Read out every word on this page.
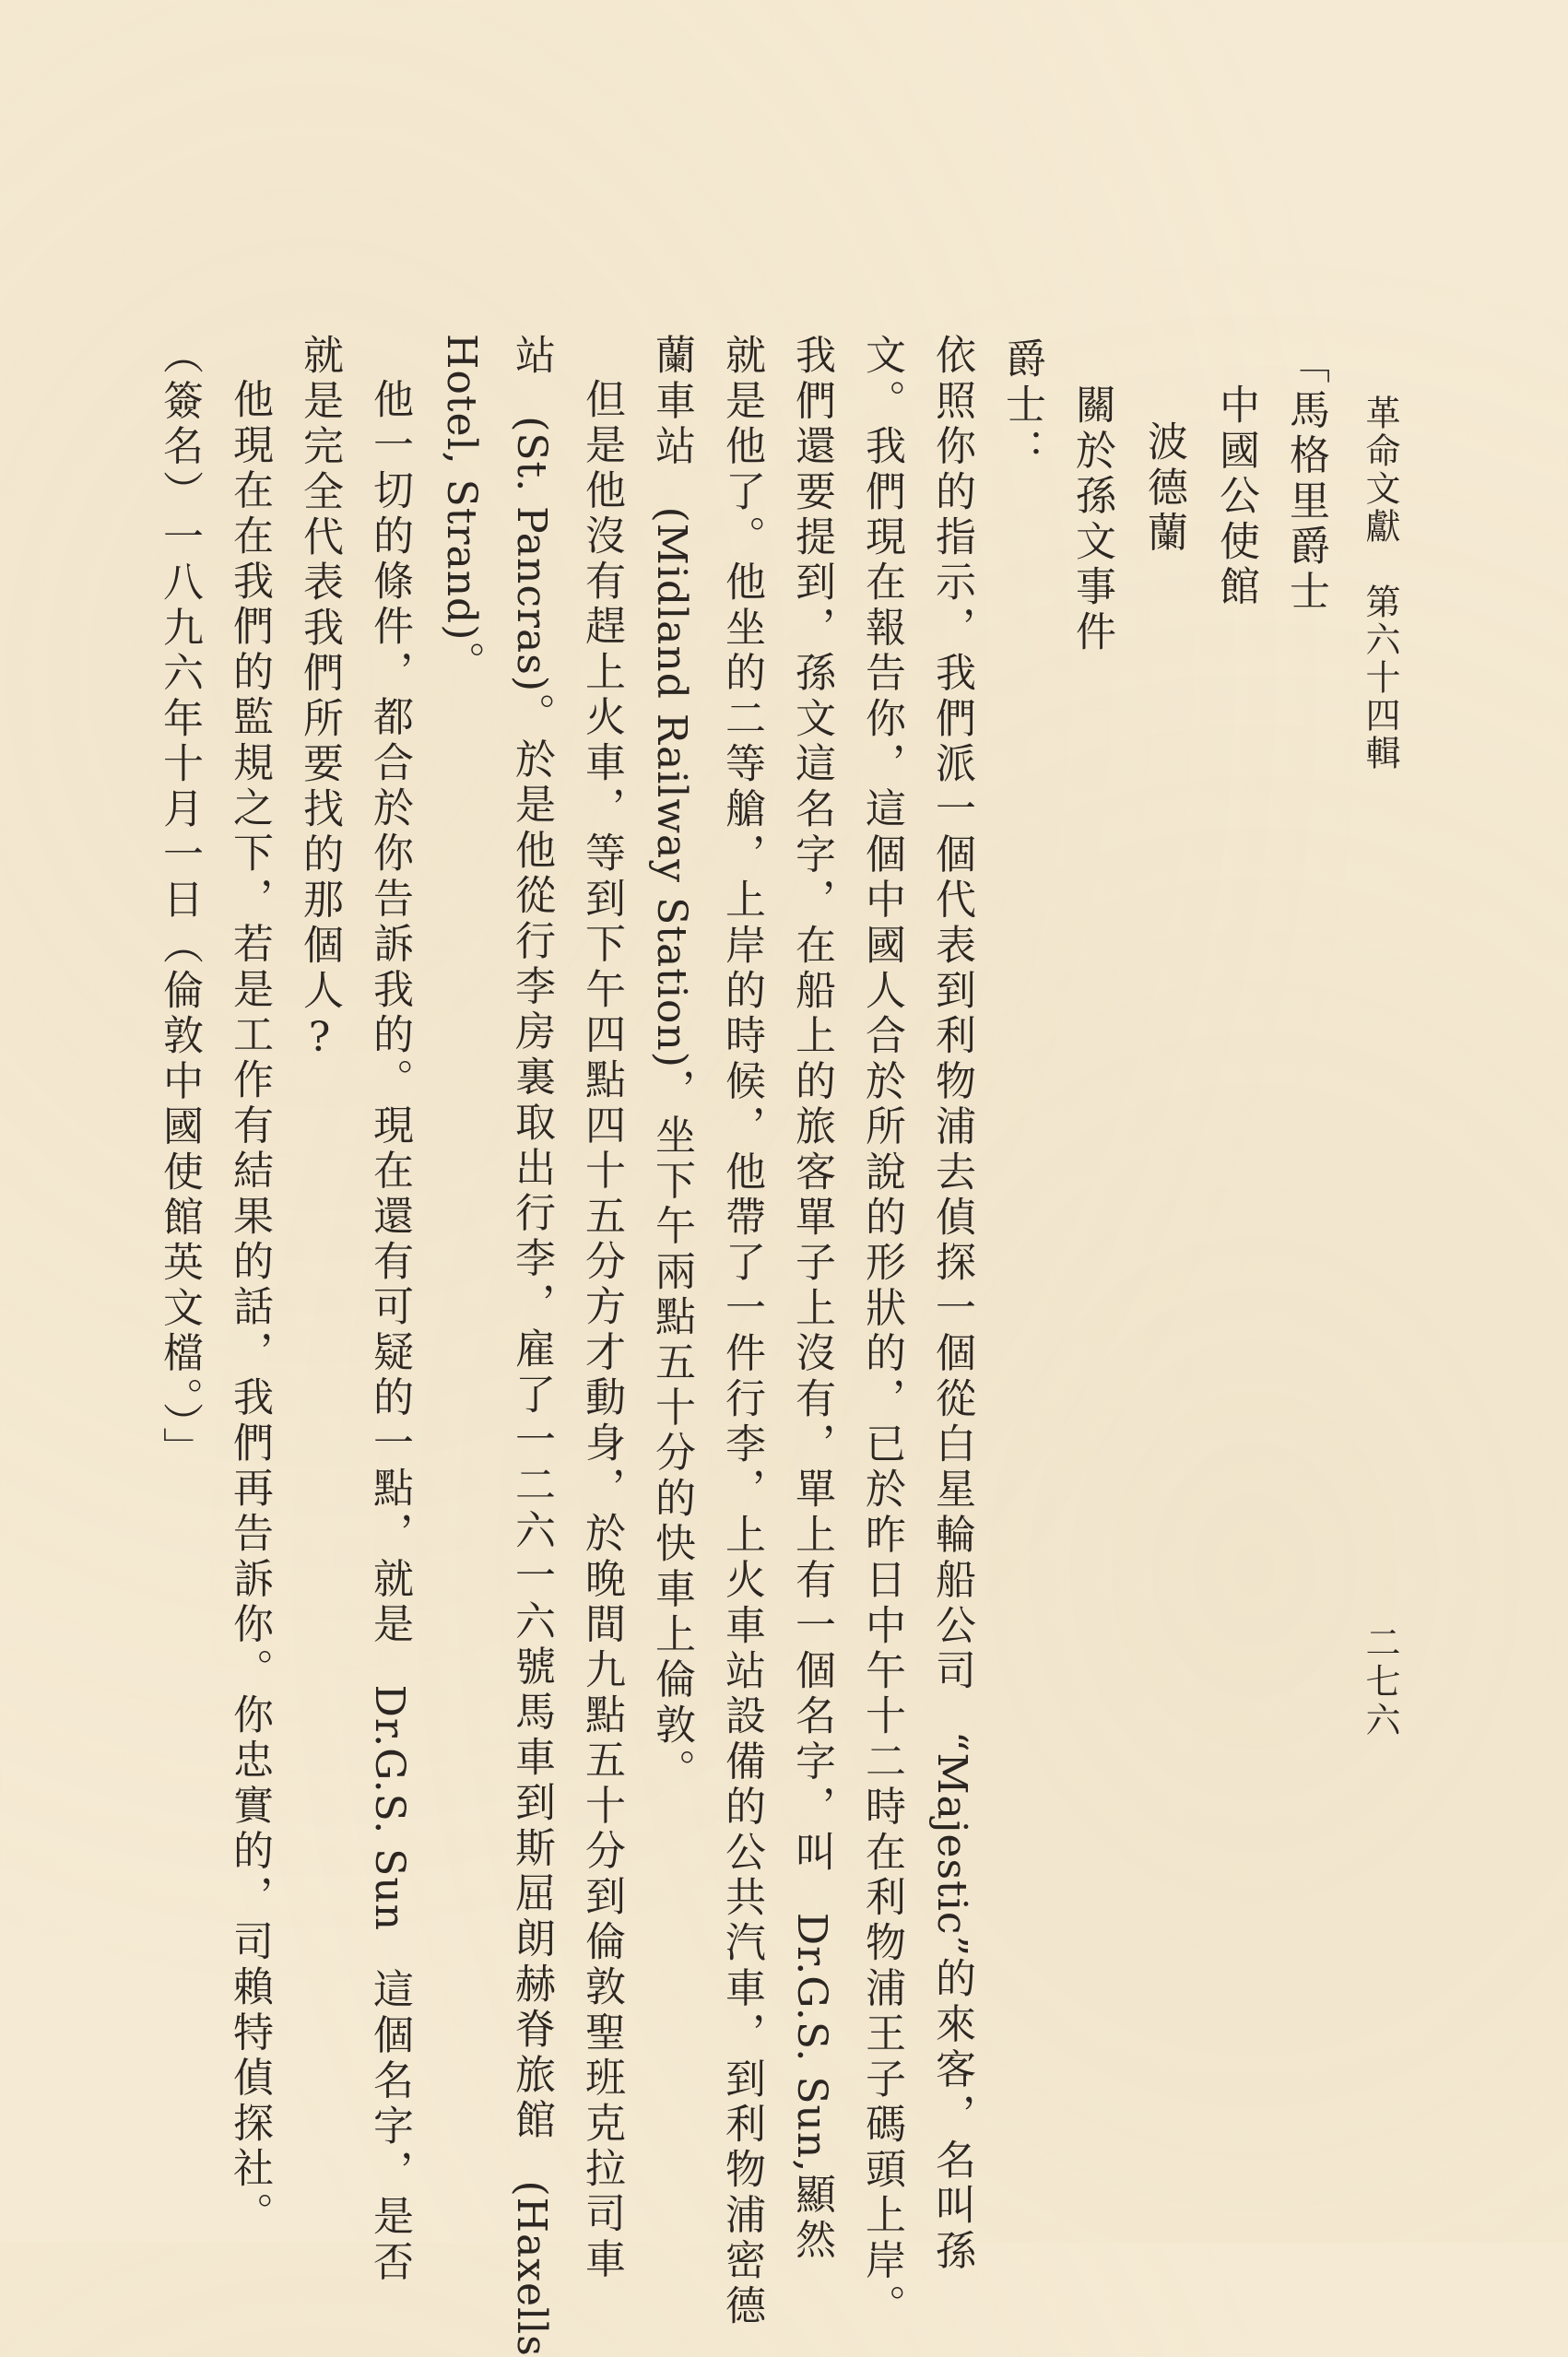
革命文獻　第六十四輯
二七六
「馬格里爵士
中國公使館
波德蘭
關於孫文事件
爵士：
依照你的指示，我們派一個代表到利物浦去偵探一個從白星輪船公司“Majestic”的來客，名叫孫
文。我們現在報告你，這個中國人合於所說的形狀的，已於昨日中午十二時在利物浦王子碼頭上岸。
我們還要提到，孫文這名字，在船上的旅客單子上沒有，單上有一個名字，叫Dr.G.S. Sun,顯然
就是他了。他坐的二等艙，上岸的時候，他帶了一件行李，上火車站設備的公共汽車，到利物浦密德
蘭車站(Midland Railway Station)，坐下午兩點五十分的快車上倫敦。
但是他沒有趕上火車，等到下午四點四十五分方才動身，於晚間九點五十分到倫敦聖班克拉司車
站(St. Pancras)。於是他從行李房裏取出行李，雇了一二六一六號馬車到斯屈朗赫脊旅館(Haxells
Hotel, Strand)。
他一切的條件，都合於你告訴我的。現在還有可疑的一點，就是Dr.G.S. Sun這個名字，是否
就是完全代表我們所要找的那個人?
他現在在我們的監規之下，若是工作有結果的話，我們再告訴你。你忠實的，司賴特偵探社。
（簽名）一八九六年十月一日（倫敦中國使館英文檔。）」
